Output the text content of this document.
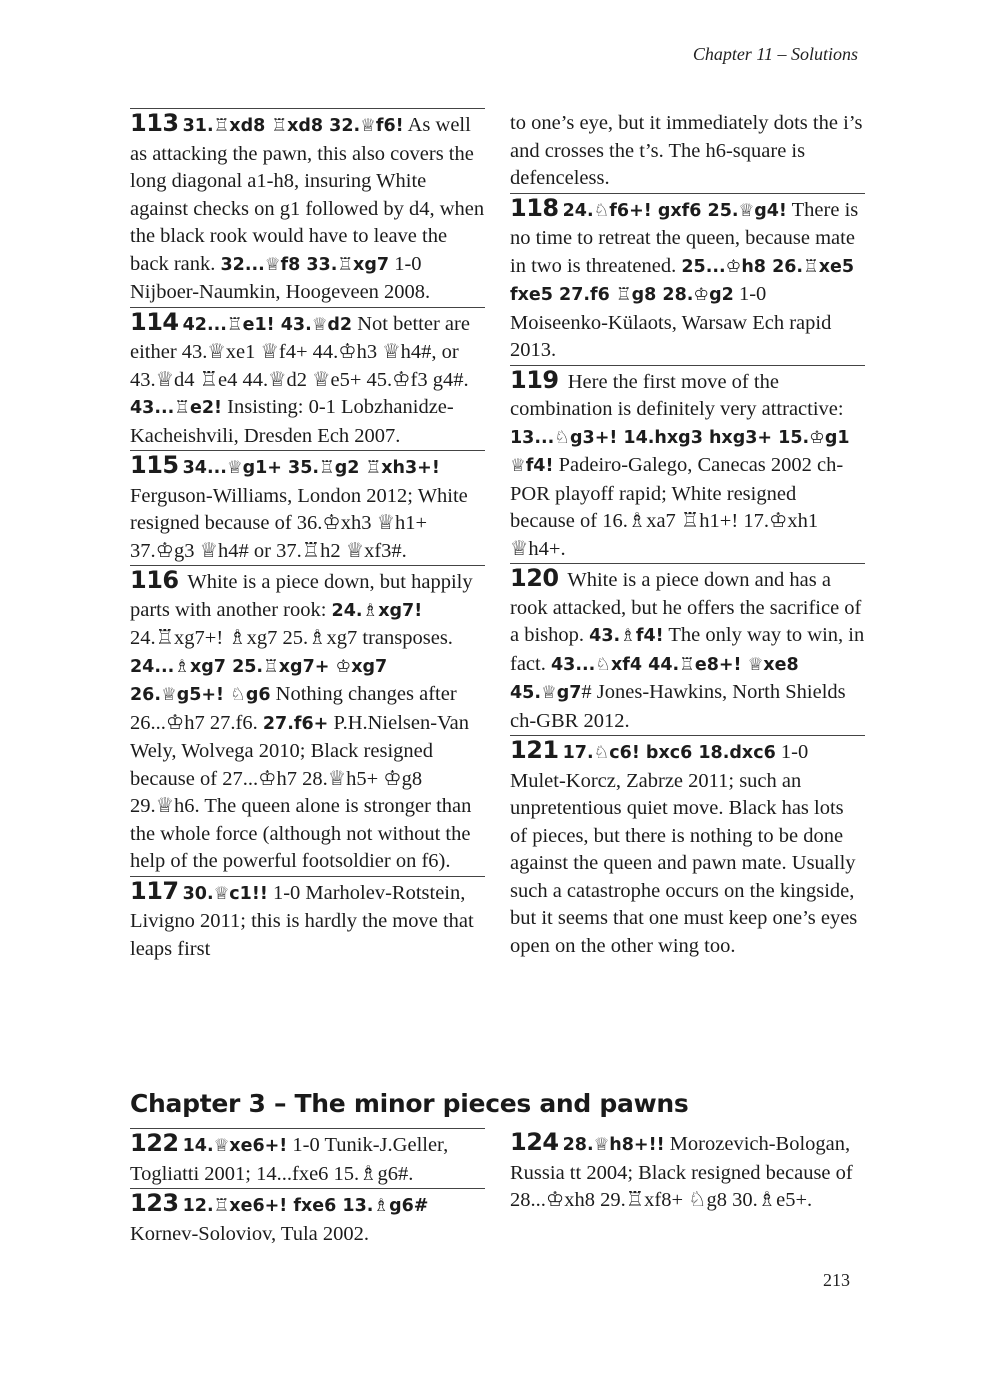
Chapter 11 – Solutions
113 31.♖xd8 ♖xd8 32.♕f6! As well as attacking the pawn, this also covers the long diagonal a1-h8, insuring White against checks on g1 followed by d4, when the black rook would have to leave the back rank. 32...♕f8 33.♖xg7 1-0 Nijboer-Naumkin, Hoogeveen 2008.
114 42...♖e1! 43.♕d2 Not better are either 43.♕xe1 ♕f4+ 44.♔h3 ♕h4#, or 43.♕d4 ♖e4 44.♕d2 ♕e5+ 45.♔f3 g4#. 43...♖e2! Insisting: 0-1 Lobzhanidze-Kacheishvili, Dresden Ech 2007.
115 34...♕g1+ 35.♖g2 ♖xh3+! Ferguson-Williams, London 2012; White resigned because of 36.♔xh3 ♕h1+ 37.♔g3 ♕h4# or 37.♖h2 ♕xf3#.
116 White is a piece down, but happily parts with another rook: 24.♗xg7! 24.♖xg7+! ♗xg7 25.♗xg7 transposes. 24...♗xg7 25.♖xg7+ ♔xg7 26.♕g5+! ♘g6 Nothing changes after 26...♔h7 27.f6. 27.f6+ P.H.Nielsen-Van Wely, Wolvega 2010; Black resigned because of 27...♔h7 28.♕h5+ ♔g8 29.♕h6. The queen alone is stronger than the whole force (although not without the help of the powerful footsoldier on f6).
117 30.♕c1!! 1-0 Marholev-Rotstein, Livigno 2011; this is hardly the move that leaps first
to one’s eye, but it immediately dots the i’s and crosses the t’s. The h6-square is defenceless.
118 24.♘f6+! gxf6 25.♕g4! There is no time to retreat the queen, because mate in two is threatened. 25...♔h8 26.♖xe5 fxe5 27.f6 ♖g8 28.♔g2 1-0 Moiseenko-Külaots, Warsaw Ech rapid 2013.
119 Here the first move of the combination is definitely very attractive: 13...♘g3+! 14.hxg3 hxg3+ 15.♔g1 ♕f4! Padeiro-Galego, Canecas 2002 ch-POR playoff rapid; White resigned because of 16.♗xa7 ♖h1+! 17.♔xh1 ♕h4+.
120 White is a piece down and has a rook attacked, but he offers the sacrifice of a bishop. 43.♗f4! The only way to win, in fact. 43...♘xf4 44.♖e8+! ♕xe8 45.♕g7# Jones-Hawkins, North Shields ch-GBR 2012.
121 17.♘c6! bxc6 18.dxc6 1-0 Mulet-Korcz, Zabrze 2011; such an unpretentious quiet move. Black has lots of pieces, but there is nothing to be done against the queen and pawn mate. Usually such a catastrophe occurs on the kingside, but it seems that one must keep one’s eyes open on the other wing too.
Chapter 3 – The minor pieces and pawns
122 14.♕xe6+! 1-0 Tunik-J.Geller, Togliatti 2001; 14...fxe6 15.♗g6#.
123 12.♖xe6+! fxe6 13.♗g6# Kornev-Soloviov, Tula 2002.
124 28.♕h8+!! Morozevich-Bologan, Russia tt 2004; Black resigned because of 28...♔xh8 29.♖xf8+ ♘g8 30.♗e5+.
213
